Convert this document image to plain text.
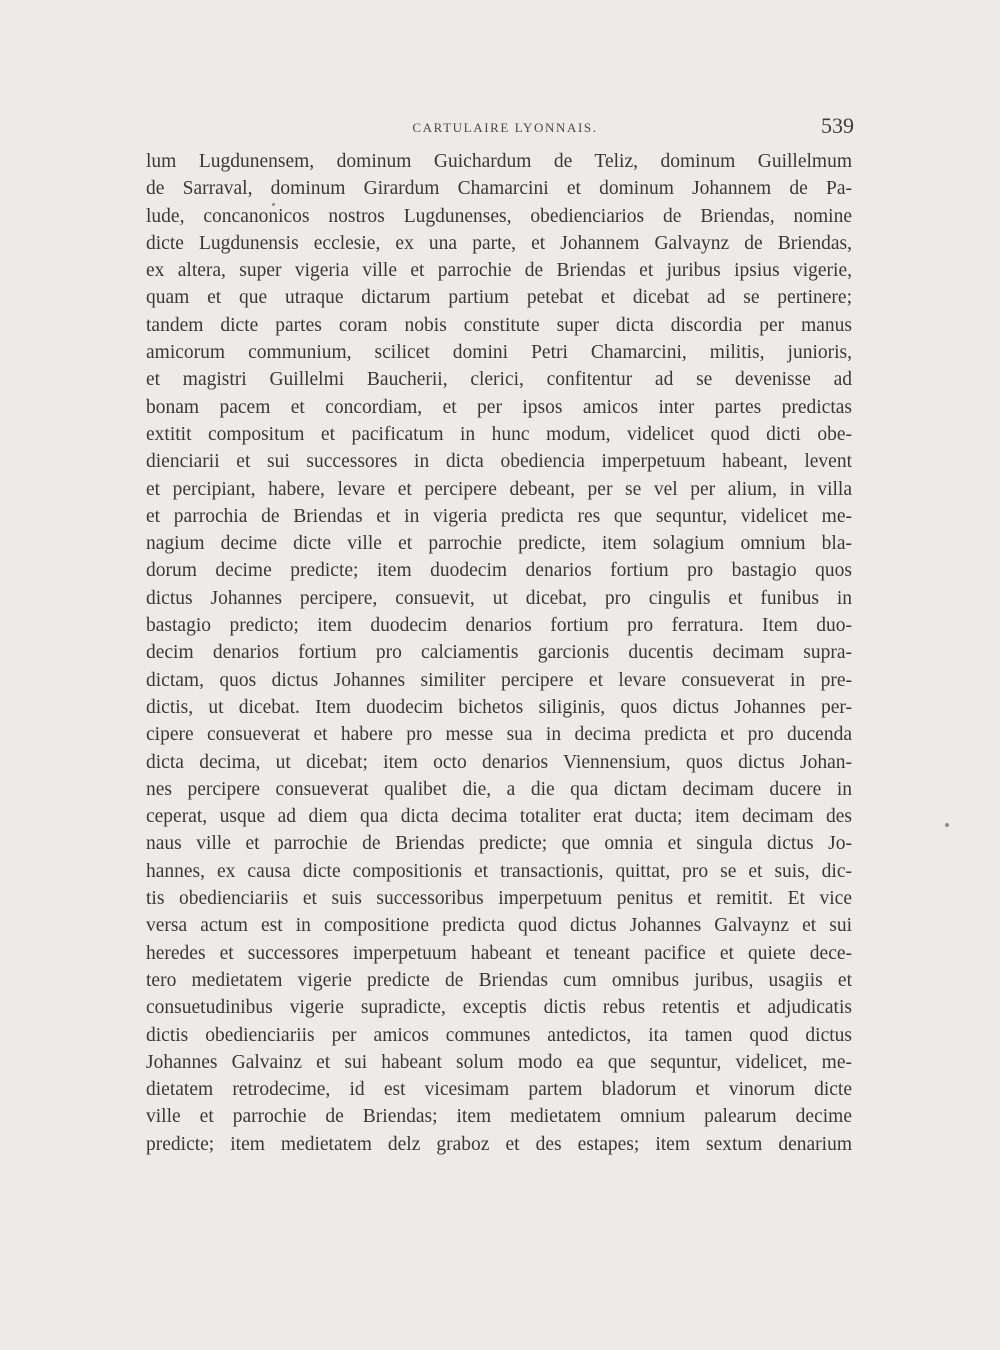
CARTULAIRE LYONNAIS.	539
lum Lugdunensem, dominum Guichardum de Teliz, dominum Guillelmum
de Sarraval, dominum Girardum Chamarcini et dominum Johannem de Pa-
lude, concanonicos nostros Lugdunenses, obedienciarios de Briendas, nomine
dicte Lugdunensis ecclesie, ex una parte, et Johannem Galvaynz de Briendas,
ex altera, super vigeria ville et parrochie de Briendas et juribus ipsius vigerie,
quam et que utraque dictarum partium petebat et dicebat ad se pertinere;
tandem dicte partes coram nobis constitute super dicta discordia per manus
amicorum communium, scilicet domini Petri Chamarcini, militis, junioris,
et magistri Guillelmi Baucherii, clerici, confitentur ad se devenisse ad
bonam pacem et concordiam, et per ipsos amicos inter partes predictas
extitit compositum et pacificatum in hunc modum, videlicet quod dicti obe-
dienciarii et sui successores in dicta obediencia imperpetuum habeant, levent
et percipiant, habere, levare et percipere debeant, per se vel per alium, in villa
et parrochia de Briendas et in vigeria predicta res que sequntur, videlicet me-
nagium decime dicte ville et parrochie predicte, item solagium omnium bla-
dorum decime predicte; item duodecim denarios fortium pro bastagio quos
dictus Johannes percipere, consuevit, ut dicebat, pro cingulis et funibus in
bastagio predicto; item duodecim denarios fortium pro ferratura. Item duo-
decim denarios fortium pro calciamentis garcionis ducentis decimam supra-
dictam, quos dictus Johannes similiter percipere et levare consueverat in pre-
dictis, ut dicebat. Item duodecim bichetos siliginis, quos dictus Johannes per-
cipere consueverat et habere pro messe sua in decima predicta et pro ducenda
dicta decima, ut dicebat; item octo denarios Viennensium, quos dictus Johan-
nes percipere consueverat qualibet die, a die qua dictam decimam ducere in
ceperat, usque ad diem qua dicta decima totaliter erat ducta; item decimam des
naus ville et parrochie de Briendas predicte; que omnia et singula dictus Jo-
hannes, ex causa dicte compositionis et transactionis, quittat, pro se et suis, dic-
tis obedienciariis et suis successoribus imperpetuum penitus et remitit. Et vice
versa actum est in compositione predicta quod dictus Johannes Galvaynz et sui
heredes et successores imperpetuum habeant et teneant pacifice et quiete dece-
tero medietatem vigerie predicte de Briendas cum omnibus juribus, usagiis et
consuetudinibus vigerie supradicte, exceptis dictis rebus retentis et adjudicatis
dictis obedienciariis per amicos communes antedictos, ita tamen quod dictus
Johannes Galvainz et sui habeant solum modo ea que sequntur, videlicet, me-
dietatem retrodecime, id est vicesimam partem bladorum et vinorum dicte
ville et parrochie de Briendas; item medietatem omnium palearum decime
predicte; item medietatem delz graboz et des estapes; item sextum denarium
